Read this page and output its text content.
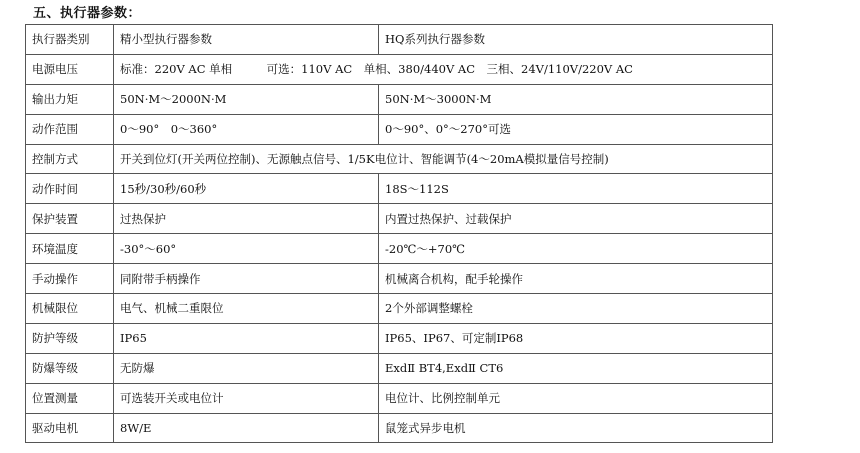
五、执行器参数：
执行器类别	精小型执行器参数	HQ系列执行器参数
电源电压	标准：220V AC 单相　　　可选：110V AC　单相、380/440V AC　三相、24V/110V/220V AC	
输出力矩	50N·M～2000N·M	50N·M～3000N·M
动作范围	0～90°　0～360°	0～90°、0°～270°可选
控制方式	开关到位灯(开关两位控制)、无源触点信号、1/5K电位计、智能调节(4～20mA模拟量信号控制)	
动作时间	15秒/30秒/60秒	18S～112S
保护装置	过热保护	内置过热保护、过载保护
环境温度	-30°～60°	-20℃～+70℃
手动操作	同附带手柄操作	机械离合机构，配手轮操作
机械限位	电气、机械二重限位	2个外部调整螺栓
防护等级	IP65	IP65、IP67、可定制IP68
防爆等级	无防爆	ExdⅡ BT4,ExdⅡ CT6
位置测量	可选装开关或电位计	电位计、比例控制单元
驱动电机	8W/E	鼠笼式异步电机
